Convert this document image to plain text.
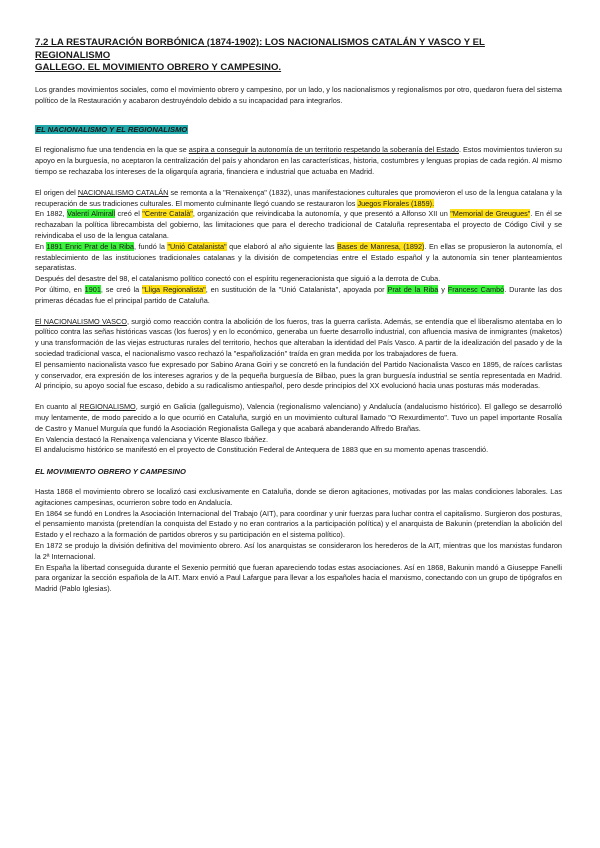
7.2 LA RESTAURACIÓN BORBÓNICA (1874-1902): LOS NACIONALISMOS CATALÁN Y VASCO Y EL REGIONALISMO
GALLEGO. EL MOVIMIENTO OBRERO Y CAMPESINO.

Los grandes movimientos sociales, como el movimiento obrero y campesino, por un lado, y los nacionalismos y regionalismos por otro, quedaron fuera del sistema político de la Restauración y acabaron destruyéndolo debido a su incapacidad para integrarlos.

EL NACIONALISMO Y EL REGIONALISMO

El regionalismo fue una tendencia en la que se aspira a conseguir la autonomía de un territorio respetando la soberanía del Estado. Estos movimientos tuvieron su apoyo en la burguesía, no aceptaron la centralización del país y ahondaron en las características, historia, costumbres y lenguas propias de cada región. Al mismo tiempo se rechazaba los intereses de la oligarquía agraria, financiera e industrial que actuaba en Madrid.

El origen del NACIONALISMO CATALÁN se remonta a la "Renaixença" (1832), unas manifestaciones culturales que promovieron el uso de la lengua catalana y la recuperación de sus tradiciones culturales. El momento culminante llegó cuando se restauraron los Juegos Florales (1859).

En 1882, Valentí Almirall creó el "Centre Català", organización que reivindicaba la autonomía, y que presentó a Alfonso XII un "Memorial de Greugues". En él se rechazaban la política librecambista del gobierno, las limitaciones que para el derecho tradicional de Cataluña representaba el proyecto de Código Civil y se reivindicaba el uso de la lengua catalana.

En 1891 Enric Prat de la Riba, fundó la "Unió Catalanista" que elaboró al año siguiente las Bases de Manresa, (1892). En ellas se propusieron la autonomía, el restablecimiento de las instituciones tradicionales catalanas y la división de competencias entre el Estado español y la autonomía sin tener planteamientos separatistas.

Después del desastre del 98, el catalanismo político conectó con el espíritu regeneracionista que siguió a la derrota de Cuba.

Por último, en 1901, se creó la "Lliga Regionalista", en sustitución de la "Unió Catalanista", apoyada por Prat de la Riba y Francesc Cambó. Durante las dos primeras décadas fue el principal partido de Cataluña.

El NACIONALISMO VASCO, surgió como reacción contra la abolición de los fueros, tras la guerra carlista. Además, se entendía que el liberalismo atentaba en lo político contra las señas históricas vascas (los fueros) y en lo económico, generaba un fuerte desarrollo industrial, con afluencia masiva de inmigrantes (maketos) y una transformación de las viejas estructuras rurales del territorio, hechos que alteraban la identidad del País Vasco. A partir de la idealización del pasado y de la sociedad tradicional vasca, el nacionalismo vasco rechazó la "españolización" traída en gran medida por los trabajadores de fuera.

El pensamiento nacionalista vasco fue expresado por Sabino Arana Goiri y se concretó en la fundación del Partido Nacionalista Vasco en 1895, de raíces carlistas y conservador, era expresión de los intereses agrarios y de la pequeña burguesía de Bilbao, pues la gran burguesía industrial se sentía representada en Madrid. Al principio, su apoyo social fue escaso, debido a su radicalismo antiespañol, pero desde principios del XX evolucionó hacia unas posturas más moderadas.

En cuanto al REGIONALISMO, surgió en Galicia (galleguismo), Valencia (regionalismo valenciano) y Andalucía (andalucismo histórico). El gallego se desarrolló muy lentamente, de modo parecido a lo que ocurrió en Cataluña, surgió en un movimiento cultural llamado "O Rexurdimento". Tuvo un papel importante Rosalía de Castro y Manuel Murguía que fundó la Asociación Regionalista Gallega y que acabará abanderando Alfredo Brañas.

En Valencia destacó la Renaixença valenciana y Vicente Blasco Ibáñez.

El andalucismo histórico se manifestó en el proyecto de Constitución Federal de Antequera de 1883 que en su momento apenas trascendió.

EL MOVIMIENTO OBRERO Y CAMPESINO

Hasta 1868 el movimiento obrero se localizó casi exclusivamente en Cataluña, donde se dieron agitaciones, motivadas por las malas condiciones laborales. Las agitaciones campesinas, ocurrieron sobre todo en Andalucía.

En 1864 se fundó en Londres la Asociación Internacional del Trabajo (AIT), para coordinar y unir fuerzas para luchar contra el capitalismo. Surgieron dos posturas, el pensamiento marxista (pretendían la conquista del Estado y no eran contrarios a la participación política) y el anarquista de Bakunin (pretendían la abolición del Estado y el rechazo a la formación de partidos obreros y su participación en el sistema político).

En 1872 se produjo la división definitiva del movimiento obrero. Así los anarquistas se consideraron los herederos de la AIT, mientras que los marxistas fundaron la 2ª Internacional.

En España la libertad conseguida durante el Sexenio permitió que fueran apareciendo todas estas asociaciones. Así en 1868, Bakunin mandó a Giuseppe Fanelli para organizar la sección española de la AIT. Marx envió a Paul Lafargue para llevar a los españoles hacia el marxismo, conectando con un grupo de tipógrafos en Madrid (Pablo Iglesias).
